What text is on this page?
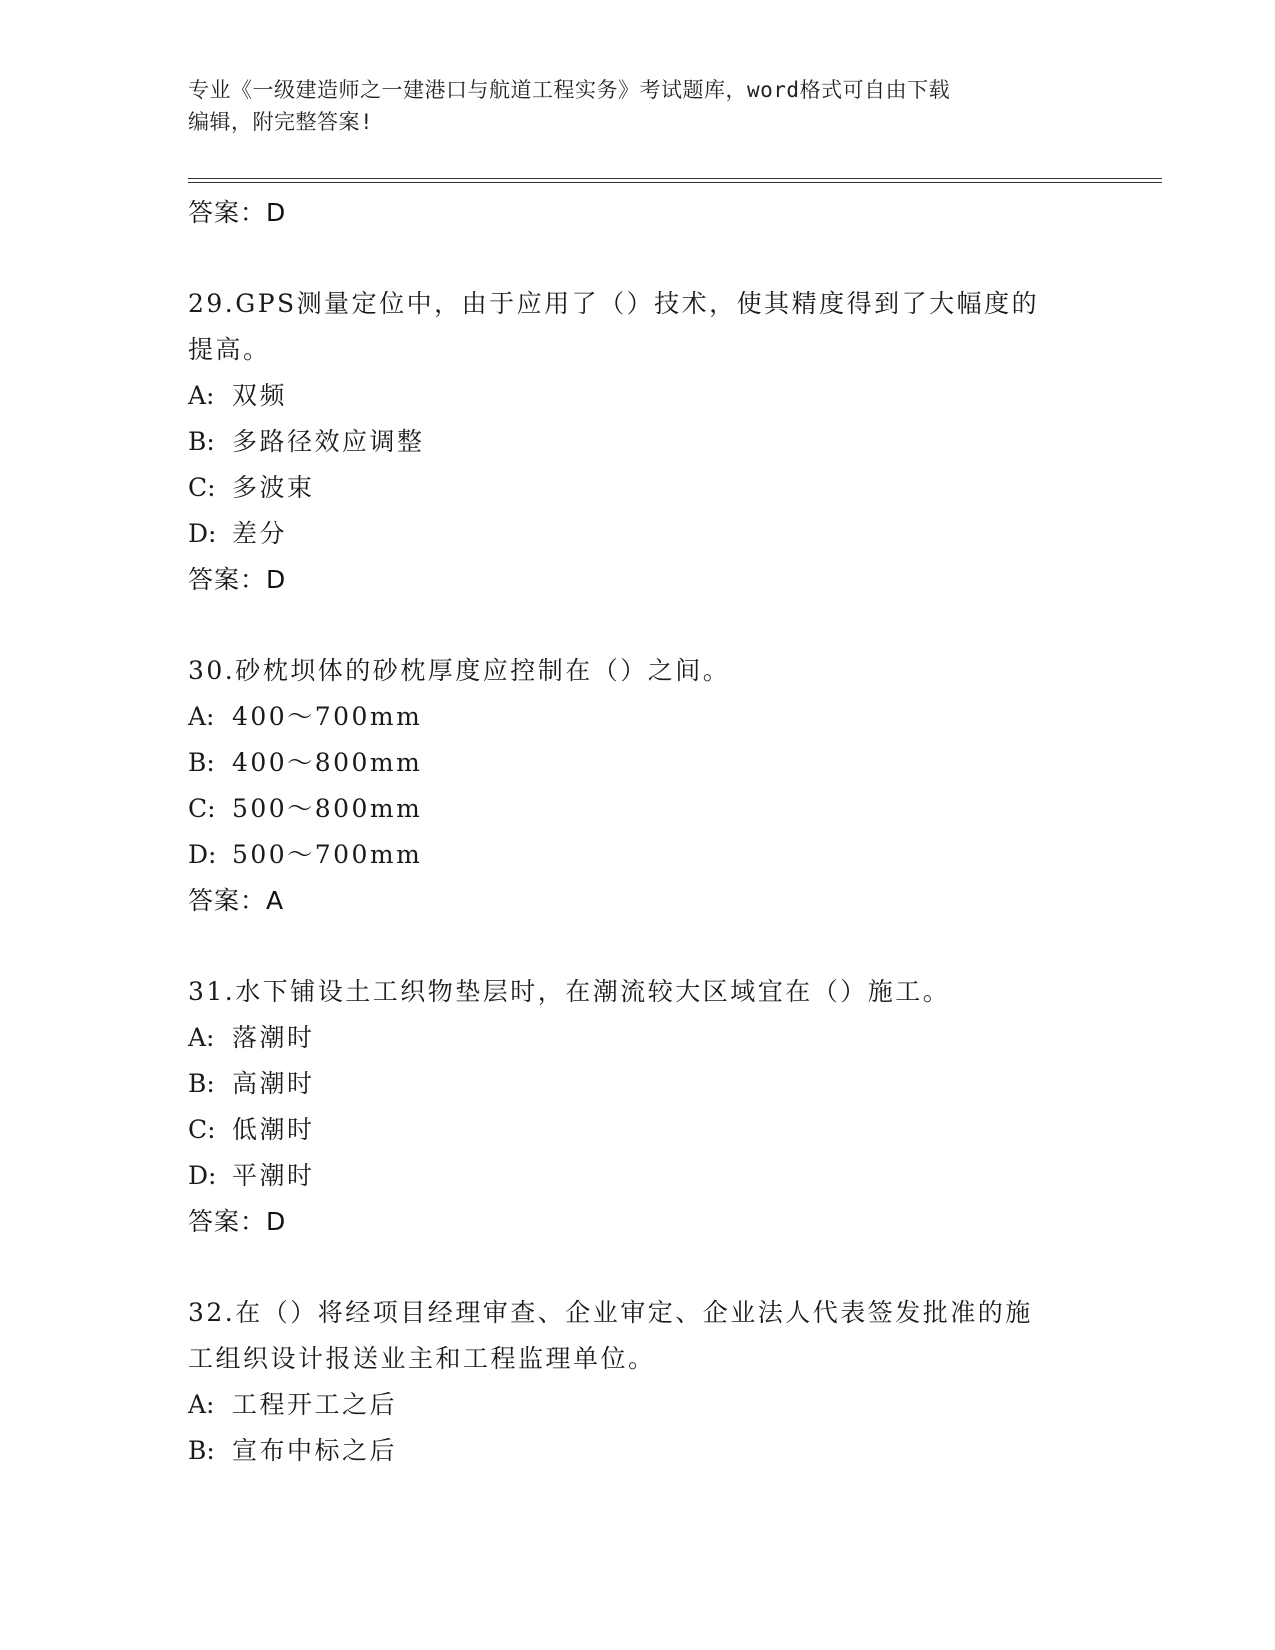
专业《一级建造师之一建港口与航道工程实务》考试题库，word格式可自由下载
编辑，附完整答案!
答案：D
29.GPS测量定位中，由于应用了（）技术，使其精度得到了大幅度的
提高。
A: 双频
B: 多路径效应调整
C: 多波束
D: 差分
答案：D
30.砂枕坝体的砂枕厚度应控制在（）之间。
A: 400～700mm
B: 400～800mm
C: 500～800mm
D: 500～700mm
答案：A
31.水下铺设土工织物垫层时，在潮流较大区域宜在（）施工。
A: 落潮时
B: 高潮时
C: 低潮时
D: 平潮时
答案：D
32.在（）将经项目经理审查、企业审定、企业法人代表签发批准的施
工组织设计报送业主和工程监理单位。
A: 工程开工之后
B: 宣布中标之后
